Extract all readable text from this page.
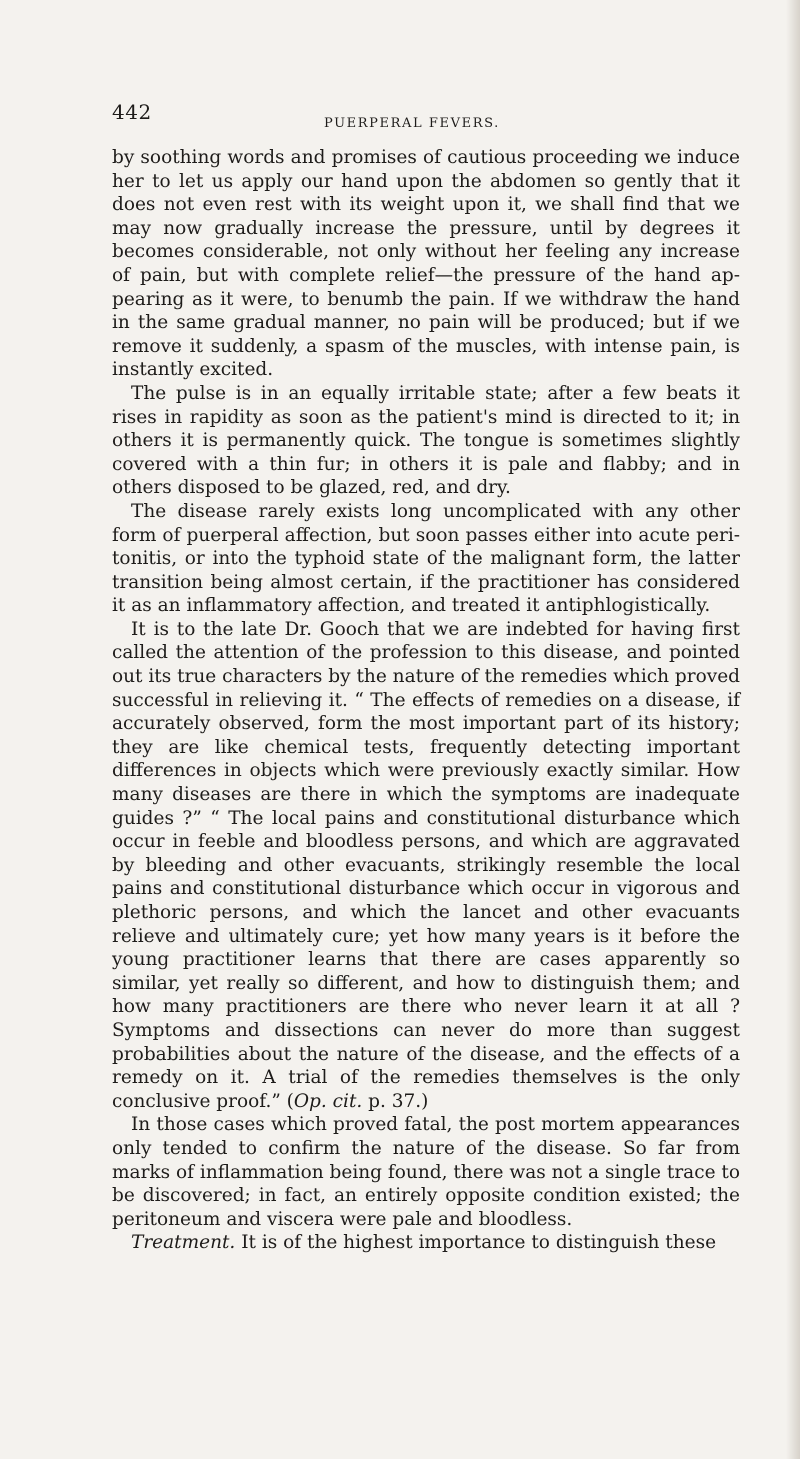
442	PUERPERAL FEVERS.

by soothing words and promises of cautious proceeding we induce her to let us apply our hand upon the abdomen so gently that it does not even rest with its weight upon it, we shall find that we may now gradually increase the pressure, until by degrees it becomes considerable, not only without her feeling any increase of pain, but with complete relief—the pressure of the hand appearing as it were, to benumb the pain. If we withdraw the hand in the same gradual manner, no pain will be produced; but if we remove it suddenly, a spasm of the muscles, with intense pain, is instantly excited.

The pulse is in an equally irritable state; after a few beats it rises in rapidity as soon as the patient's mind is directed to it; in others it is permanently quick. The tongue is sometimes slightly covered with a thin fur; in others it is pale and flabby; and in others disposed to be glazed, red, and dry.

The disease rarely exists long uncomplicated with any other form of puerperal affection, but soon passes either into acute peritonitis, or into the typhoid state of the malignant form, the latter transition being almost certain, if the practitioner has considered it as an inflammatory affection, and treated it antiphlogistically.

It is to the late Dr. Gooch that we are indebted for having first called the attention of the profession to this disease, and pointed out its true characters by the nature of the remedies which proved successful in relieving it. “ The effects of remedies on a disease, if accurately observed, form the most important part of its history; they are like chemical tests, frequently detecting important differences in objects which were previously exactly similar. How many diseases are there in which the symptoms are inadequate guides ?” “ The local pains and constitutional disturbance which occur in feeble and bloodless persons, and which are aggravated by bleeding and other evacuants, strikingly resemble the local pains and constitutional disturbance which occur in vigorous and plethoric persons, and which the lancet and other evacuants relieve and ultimately cure; yet how many years is it before the young practitioner learns that there are cases apparently so similar, yet really so different, and how to distinguish them; and how many practitioners are there who never learn it at all ? Symptoms and dissections can never do more than suggest probabilities about the nature of the disease, and the effects of a remedy on it. A trial of the remedies themselves is the only conclusive proof.” (Op. cit. p. 37.)

In those cases which proved fatal, the post mortem appearances only tended to confirm the nature of the disease. So far from marks of inflammation being found, there was not a single trace to be discovered; in fact, an entirely opposite condition existed; the peritoneum and viscera were pale and bloodless.

Treatment. It is of the highest importance to distinguish these
